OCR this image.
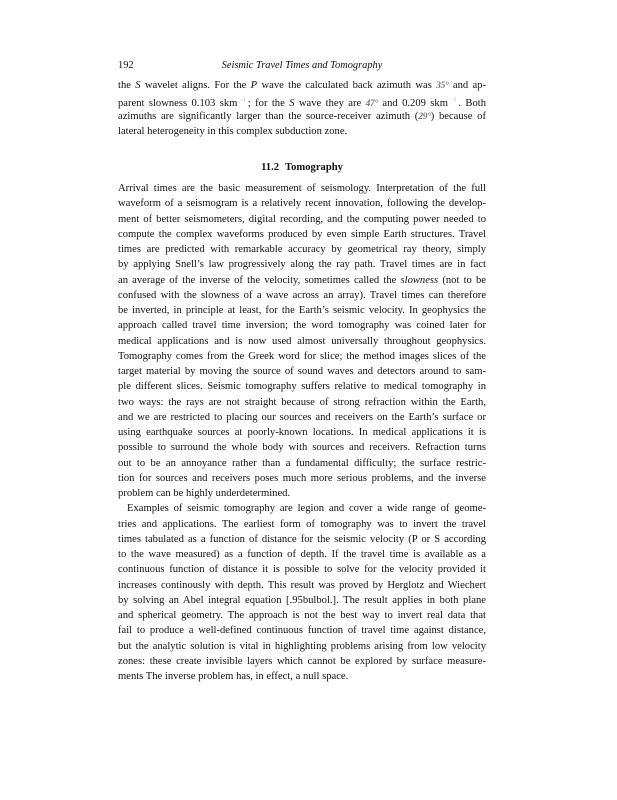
192	Seismic Travel Times and Tomography
the S wavelet aligns. For the P wave the calculated back azimuth was 35° and ap-
parent slowness 0.103 skm −1 ; for the S wave they are 47° and 0.209 skm −1 . Both
azimuths are significantly larger than the source-receiver azimuth (29°) because of
lateral heterogeneity in this complex subduction zone.
11.2 Tomography
Arrival times are the basic measurement of seismology. Interpretation of the full
waveform of a seismogram is a relatively recent innovation, following the develop-
ment of better seismometers, digital recording, and the computing power needed to
compute the complex waveforms produced by even simple Earth structures. Travel
times are predicted with remarkable accuracy by geometrical ray theory, simply
by applying Snell’s law progressively along the ray path. Travel times are in fact
an average of the inverse of the velocity, sometimes called the slowness (not to be
confused with the slowness of a wave across an array). Travel times can therefore
be inverted, in principle at least, for the Earth’s seismic velocity. In geophysics the
approach called travel time inversion; the word tomography was coined later for
medical applications and is now used almost universally throughout geophysics.
Tomography comes from the Greek word for slice; the method images slices of the
target material by moving the source of sound waves and detectors around to sam-
ple different slices. Seismic tomography suffers relative to medical tomography in
two ways: the rays are not straight because of strong refraction within the Earth,
and we are restricted to placing our sources and receivers on the Earth’s surface or
using earthquake sources at poorly-known locations. In medical applications it is
possible to surround the whole body with sources and receivers. Refraction turns
out to be an annoyance rather than a fundamental difficulty; the surface restric-
tion for sources and receivers poses much more serious problems, and the inverse
problem can be highly underdetermined.
Examples of seismic tomography are legion and cover a wide range of geome-
tries and applications. The earliest form of tomography was to invert the travel
times tabulated as a function of distance for the seismic velocity (P or S according
to the wave measured) as a function of depth. If the travel time is available as a
continuous function of distance it is possible to solve for the velocity provided it
increases continously with depth. This result was proved by Herglotz and Wiechert
by solving an Abel integral equation [.95bulbol.]. The result applies in both plane
and spherical geometry. The approach is not the best way to invert real data that
fail to produce a well-defined continuous function of travel time against distance,
but the analytic solution is vital in highlighting problems arising from low velocity
zones: these create invisible layers which cannot be explored by surface measure-
ments The inverse problem has, in effect, a null space.
